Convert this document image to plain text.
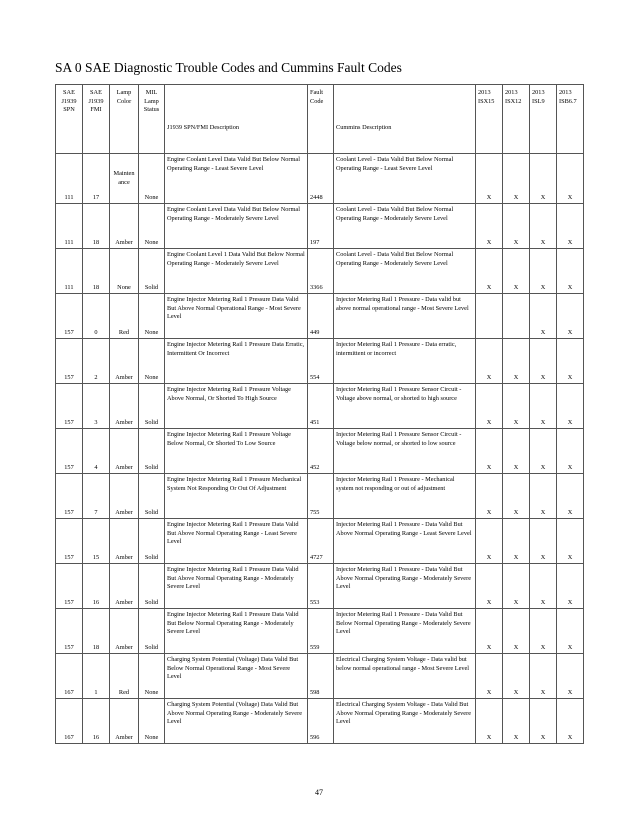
SA 0 SAE Diagnostic Trouble Codes and Cummins Fault Codes
SAE J1939 SPN	SAE J1939 FMI	Lamp Color	MIL Lamp Status	J1939 SPN/FMI Description	Fault Code	Cummins Description	2013 ISX15	2013 ISX12	2013 ISL9	2013 ISB6.7
111	17	Mainten ance	None	Engine Coolant Level Data Valid But Below Normal Operating Range - Least Severe Level	2448	Coolant Level - Data Valid But Below Normal Operating Range - Least Severe Level	X	X	X	X
111	18	Amber	None	Engine Coolant Level Data Valid But Below Normal Operating Range - Moderately Severe Level	197	Coolant Level - Data Valid But Below Normal Operating Range - Moderately Severe Level	X	X	X	X
111	18	None	Solid	Engine Coolant Level 1 Data Valid But Below Normal Operating Range - Moderately Severe Level	3366	Coolant Level - Data Valid But Below Normal Operating Range - Moderately Severe Level	X	X	X	X
157	0	Red	None	Engine Injector Metering Rail 1 Pressure Data Valid But Above Normal Operational Range - Most Severe Level	449	Injector Metering Rail 1 Pressure - Data valid but above normal operational range - Most Severe Level			X	X
157	2	Amber	None	Engine Injector Metering Rail 1 Pressure Data Erratic, Intermittent Or Incorrect	554	Injector Metering Rail 1 Pressure - Data erratic, intermittent or incorrect	X	X	X	X
157	3	Amber	Solid	Engine Injector Metering Rail 1 Pressure Voltage Above Normal, Or Shorted To High Source	451	Injector Metering Rail 1 Pressure Sensor Circuit - Voltage above normal, or shorted to high source	X	X	X	X
157	4	Amber	Solid	Engine Injector Metering Rail 1 Pressure Voltage Below Normal, Or Shorted To Low Source	452	Injector Metering Rail 1 Pressure Sensor Circuit - Voltage below normal, or shorted to low source	X	X	X	X
157	7	Amber	Solid	Engine Injector Metering Rail 1 Pressure Mechanical System Not Responding Or Out Of Adjustment	755	Injector Metering Rail 1 Pressure - Mechanical system not responding or out of adjustment	X	X	X	X
157	15	Amber	Solid	Engine Injector Metering Rail 1 Pressure Data Valid But Above Normal Operating Range - Least Severe Level	4727	Injector Metering Rail 1 Pressure - Data Valid But Above Normal Operating Range - Least Severe Level	X	X	X	X
157	16	Amber	Solid	Engine Injector Metering Rail 1 Pressure Data Valid But Above Normal Operating Range - Moderately Severe Level	553	Injector Metering Rail 1 Pressure - Data Valid But Above Normal Operating Range - Moderately Severe Level	X	X	X	X
157	18	Amber	Solid	Engine Injector Metering Rail 1 Pressure Data Valid But Below Normal Operating Range - Moderately Severe Level	559	Injector Metering Rail 1 Pressure - Data Valid But Below Normal Operating Range - Moderately Severe Level	X	X	X	X
167	1	Red	None	Charging System Potential (Voltage) Data Valid But Below Normal Operational Range - Most Severe Level	598	Electrical Charging System Voltage - Data valid but below normal operational range - Most Severe Level	X	X	X	X
167	16	Amber	None	Charging System Potential (Voltage) Data Valid But Above Normal Operating Range - Moderately Severe Level	596	Electrical Charging System Voltage - Data Valid But Above Normal Operating Range - Moderately Severe Level	X	X	X	X
47
